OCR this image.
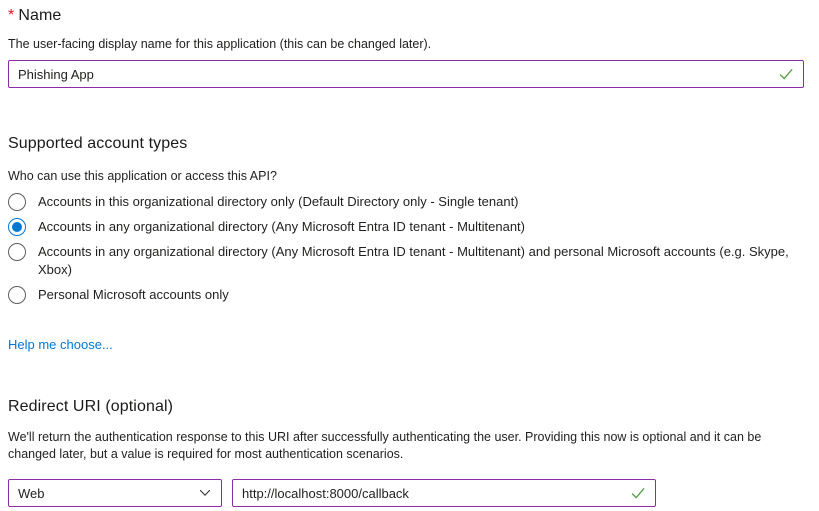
* Name

The user-facing display name for this application (this can be changed later).

Phishing App
Supported account types

Who can use this application or access this API?

Accounts in this organizational directory only (Default Directory only - Single tenant)
Accounts in any organizational directory (Any Microsoft Entra ID tenant - Multitenant)
Accounts in any organizational directory (Any Microsoft Entra ID tenant - Multitenant) and personal Microsoft accounts (e.g. Skype, Xbox)
Personal Microsoft accounts only
Help me choose...
Redirect URI (optional)

We'll return the authentication response to this URI after successfully authenticating the user. Providing this now is optional and it can be changed later, but a value is required for most authentication scenarios.

Web
http://localhost:8000/callback
